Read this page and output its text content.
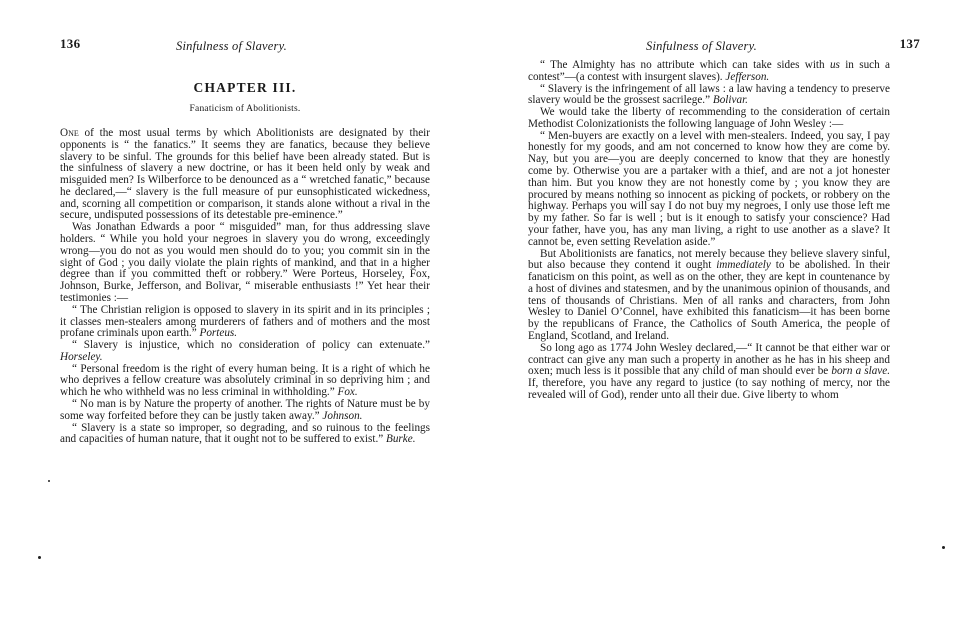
136	Sinfulness of Slavery.
CHAPTER III.
Fanaticism of Abolitionists.

One of the most usual terms by which Abolitionists are designated by their opponents is “ the fanatics.” It seems they are fanatics, because they believe slavery to be sinful. The grounds for this belief have been already stated. But is the sinfulness of slavery a new doctrine, or has it been held only by weak and misguided men? Is Wilberforce to be denounced as a “ wretched fanatic,” because he declared,—“ slavery is the full measure of pur eunsophisticated wickedness, and, scorning all competition or comparison, it stands alone without a rival in the secure, undisputed possessions of its detestable pre-eminence.”

Was Jonathan Edwards a poor “ misguided” man, for thus addressing slave holders. “ While you hold your negroes in slavery you do wrong, exceedingly wrong—you do not as you would men should do to you; you commit sin in the sight of God ; you daily violate the plain rights of mankind, and that in a higher degree than if you committed theft or robbery.” Were Porteus, Horseley, Fox, Johnson, Burke, Jefferson, and Bolivar, “ miserable enthusiasts !” Yet hear their testimonies :—

“ The Christian religion is opposed to slavery in its spirit and in its principles ; it classes men-stealers among murderers of fathers and of mothers and the most profane criminals upon earth.” Porteus.

“ Slavery is injustice, which no consideration of policy can extenuate.” Horseley.

“ Personal freedom is the right of every human being. It is a right of which he who deprives a fellow creature was absolutely criminal in so depriving him ; and which he who withheld was no less criminal in withholding.” Fox.

“ No man is by Nature the property of another. The rights of Nature must be by some way forfeited before they can be justly taken away.” Johnson.

“ Slavery is a state so improper, so degrading, and so ruinous to the feelings and capacities of human nature, that it ought not to be suffered to exist.” Burke.

137
Sinfulness of Slavery.

“ The Almighty has no attribute which can take sides with us in such a contest”—(a contest with insurgent slaves). Jefferson.

“ Slavery is the infringement of all laws : a law having a tendency to preserve slavery would be the grossest sacrilege.” Bolivar.

We would take the liberty of recommending to the consideration of certain Methodist Colonizationists the following language of John Wesley :—

“ Men-buyers are exactly on a level with men-stealers. Indeed, you say, I pay honestly for my goods, and am not concerned to know how they are come by. Nay, but you are—you are deeply concerned to know that they are honestly come by. Otherwise you are a partaker with a thief, and are not a jot honester than him. But you know they are not honestly come by ; you know they are procured by means nothing so innocent as picking of pockets, or robbery on the highway. Perhaps you will say I do not buy my negroes, I only use those left me by my father. So far is well ; but is it enough to satisfy your conscience? Had your father, have you, has any man living, a right to use another as a slave? It cannot be, even setting Revelation aside.”

But Abolitionists are fanatics, not merely because they believe slavery sinful, but also because they contend it ought immediately to be abolished. In their fanaticism on this point, as well as on the other, they are kept in countenance by a host of divines and statesmen, and by the unanimous opinion of thousands, and tens of thousands of Christians. Men of all ranks and characters, from John Wesley to Daniel O’Connel, have exhibited this fanaticism—it has been borne by the republicans of France, the Catholics of South America, the people of England, Scotland, and Ireland.

So long ago as 1774 John Wesley declared,—“ It cannot be that either war or contract can give any man such a property in another as he has in his sheep and oxen; much less is it possible that any child of man should ever be born a slave. If, therefore, you have any regard to justice (to say nothing of mercy, nor the revealed will of God), render unto all their due. Give liberty to whom
